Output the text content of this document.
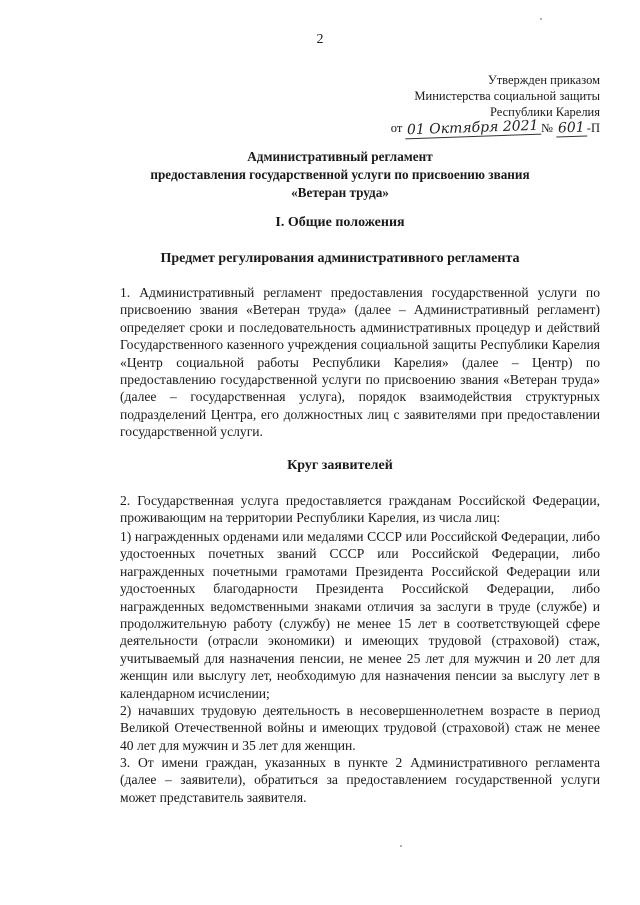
2
Утвержден приказом
Министерства социальной защиты
Республики Карелия
от 01 Октября 2021 № 601 -П
Административный регламент
предоставления государственной услуги по присвоению звания
«Ветеран труда»
I. Общие положения
Предмет регулирования административного регламента
1. Административный регламент предоставления государственной услуги по присвоению звания «Ветеран труда» (далее – Административный регламент) определяет сроки и последовательность административных процедур и действий Государственного казенного учреждения социальной защиты Республики Карелия «Центр социальной работы Республики Карелия» (далее – Центр) по предоставлению государственной услуги по присвоению звания «Ветеран труда» (далее – государственная услуга), порядок взаимодействия структурных подразделений Центра, его должностных лиц с заявителями при предоставлении государственной услуги.
Круг заявителей
2. Государственная услуга предоставляется гражданам Российской Федерации, проживающим на территории Республики Карелия, из числа лиц:
1) награжденных орденами или медалями СССР или Российской Федерации, либо удостоенных почетных званий СССР или Российской Федерации, либо награжденных почетными грамотами Президента Российской Федерации или удостоенных благодарности Президента Российской Федерации, либо награжденных ведомственными знаками отличия за заслуги в труде (службе) и продолжительную работу (службу) не менее 15 лет в соответствующей сфере деятельности (отрасли экономики) и имеющих трудовой (страховой) стаж, учитываемый для назначения пенсии, не менее 25 лет для мужчин и 20 лет для женщин или выслугу лет, необходимую для назначения пенсии за выслугу лет в календарном исчислении;
2) начавших трудовую деятельность в несовершеннолетнем возрасте в период Великой Отечественной войны и имеющих трудовой (страховой) стаж не менее 40 лет для мужчин и 35 лет для женщин.
3. От имени граждан, указанных в пункте 2 Административного регламента (далее – заявители), обратиться за предоставлением государственной услуги может представитель заявителя.
